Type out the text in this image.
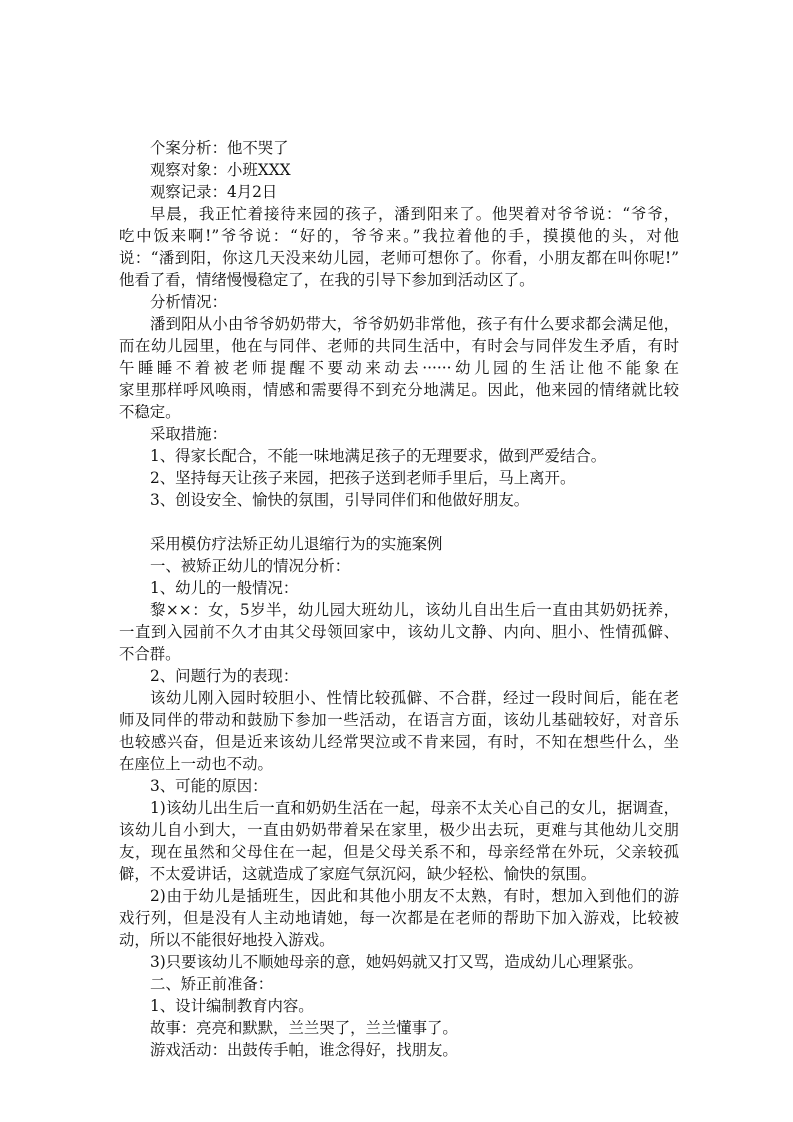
个案分析：他不哭了
观察对象：小班XXX
观察记录：4月2日
早晨，我正忙着接待来园的孩子，潘到阳来了。他哭着对爷爷说：“爷爷，
吃中饭来啊!”爷爷说：“好的，爷爷来。”我拉着他的手，摸摸他的头，对他
说：“潘到阳，你这几天没来幼儿园，老师可想你了。你看，小朋友都在叫你呢!”
他看了看，情绪慢慢稳定了，在我的引导下参加到活动区了。
分析情况：
潘到阳从小由爷爷奶奶带大，爷爷奶奶非常他，孩子有什么要求都会满足他，
而在幼儿园里，他在与同伴、老师的共同生活中，有时会与同伴发生矛盾，有时
午睡睡不着被老师提醒不要动来动去······幼儿园的生活让他不能象在
家里那样呼风唤雨，情感和需要得不到充分地满足。因此，他来园的情绪就比较
不稳定。
采取措施：
1、得家长配合，不能一味地满足孩子的无理要求，做到严爱结合。
2、坚持每天让孩子来园，把孩子送到老师手里后，马上离开。
3、创设安全、愉快的氛围，引导同伴们和他做好朋友。
采用模仿疗法矫正幼儿退缩行为的实施案例
一、被矫正幼儿的情况分析：
1、幼儿的一般情况：
黎××：女，5岁半，幼儿园大班幼儿，该幼儿自出生后一直由其奶奶抚养，
一直到入园前不久才由其父母领回家中，该幼儿文静、内向、胆小、性情孤僻、
不合群。
2、问题行为的表现：
该幼儿刚入园时较胆小、性情比较孤僻、不合群，经过一段时间后，能在老
师及同伴的带动和鼓励下参加一些活动，在语言方面，该幼儿基础较好，对音乐
也较感兴奋，但是近来该幼儿经常哭泣或不肯来园，有时，不知在想些什么，坐
在座位上一动也不动。
3、可能的原因：
1)该幼儿出生后一直和奶奶生活在一起，母亲不太关心自己的女儿，据调查，
该幼儿自小到大，一直由奶奶带着呆在家里，极少出去玩，更难与其他幼儿交朋
友，现在虽然和父母住在一起，但是父母关系不和，母亲经常在外玩，父亲较孤
僻，不太爱讲话，这就造成了家庭气氛沉闷，缺少轻松、愉快的氛围。
2)由于幼儿是插班生，因此和其他小朋友不太熟，有时，想加入到他们的游
戏行列，但是没有人主动地请她，每一次都是在老师的帮助下加入游戏，比较被
动，所以不能很好地投入游戏。
3)只要该幼儿不顺她母亲的意，她妈妈就又打又骂，造成幼儿心理紧张。
二、矫正前准备：
1、设计编制教育内容。
故事：亮亮和默默，兰兰哭了，兰兰懂事了。
游戏活动：出鼓传手帕，谁念得好，找朋友。
